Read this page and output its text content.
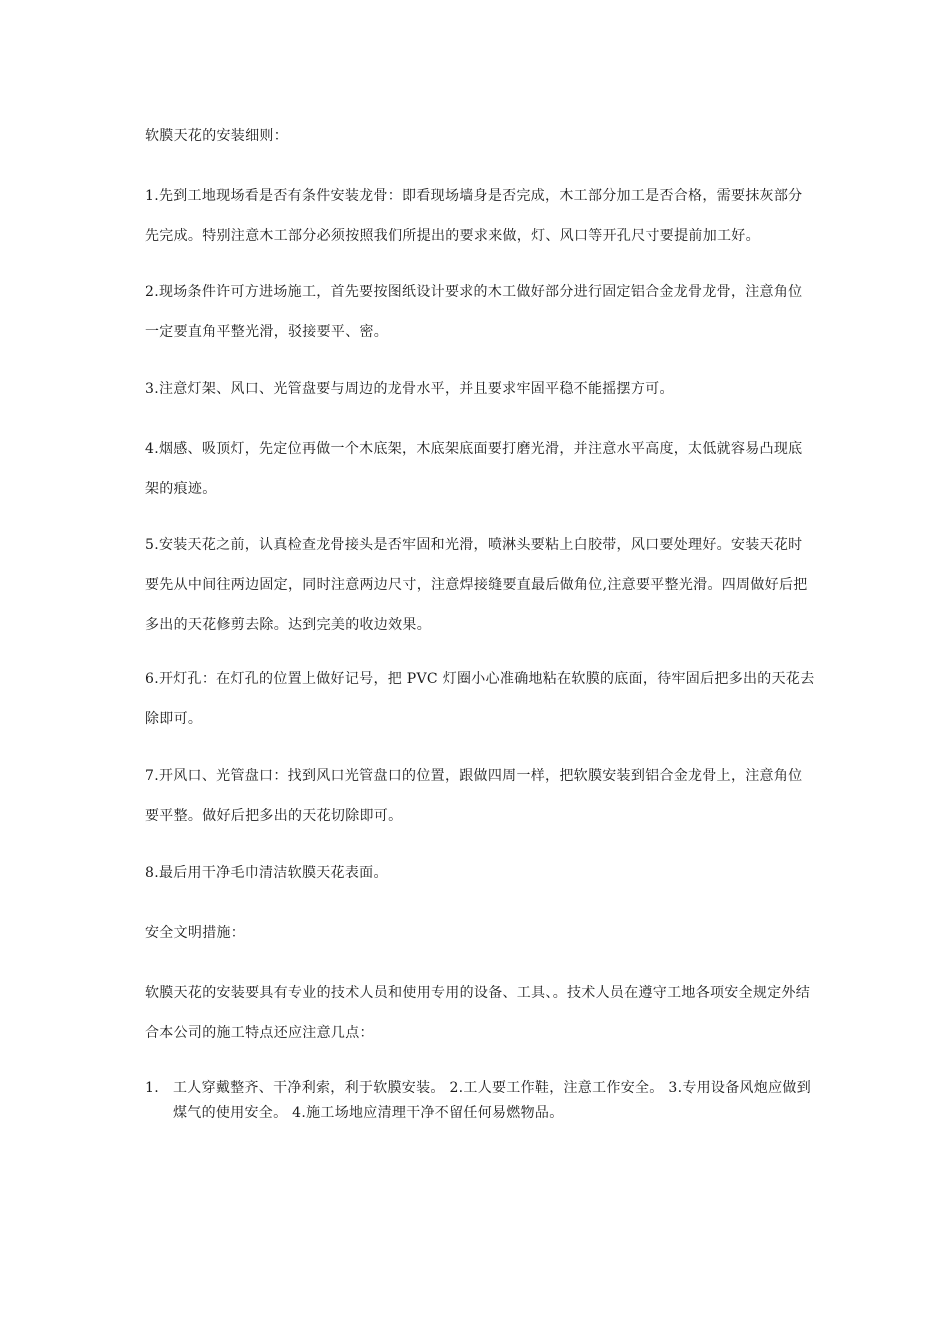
软膜天花的安装细则：

1.先到工地现场看是否有条件安装龙骨：即看现场墙身是否完成，木工部分加工是否合格，需要抹灰部分先完成。特别注意木工部分必须按照我们所提出的要求来做，灯、风口等开孔尺寸要提前加工好。

2.现场条件许可方进场施工，首先要按图纸设计要求的木工做好部分进行固定铝合金龙骨龙骨，注意角位一定要直角平整光滑，驳接要平、密。

3.注意灯架、风口、光管盘要与周边的龙骨水平，并且要求牢固平稳不能摇摆方可。

4.烟感、吸顶灯，先定位再做一个木底架，木底架底面要打磨光滑，并注意水平高度，太低就容易凸现底架的痕迹。

5.安装天花之前，认真检查龙骨接头是否牢固和光滑，喷淋头要粘上白胶带，风口要处理好。安装天花时要先从中间往两边固定，同时注意两边尺寸，注意焊接缝要直最后做角位,注意要平整光滑。四周做好后把多出的天花修剪去除。达到完美的收边效果。

6.开灯孔：在灯孔的位置上做好记号，把 PVC 灯圈小心准确地粘在软膜的底面，待牢固后把多出的天花去除即可。

7.开风口、光管盘口：找到风口光管盘口的位置，跟做四周一样，把软膜安装到铝合金龙骨上，注意角位要平整。做好后把多出的天花切除即可。

8.最后用干净毛巾清洁软膜天花表面。

安全文明措施：

软膜天花的安装要具有专业的技术人员和使用专用的设备、工具、。技术人员在遵守工地各项安全规定外结合本公司的施工特点还应注意几点：

1.	工人穿戴整齐、干净利索，利于软膜安装。 2.工人要工作鞋，注意工作安全。 3.专用设备风炮应做到煤气的使用安全。 4.施工场地应清理干净不留任何易燃物品。
